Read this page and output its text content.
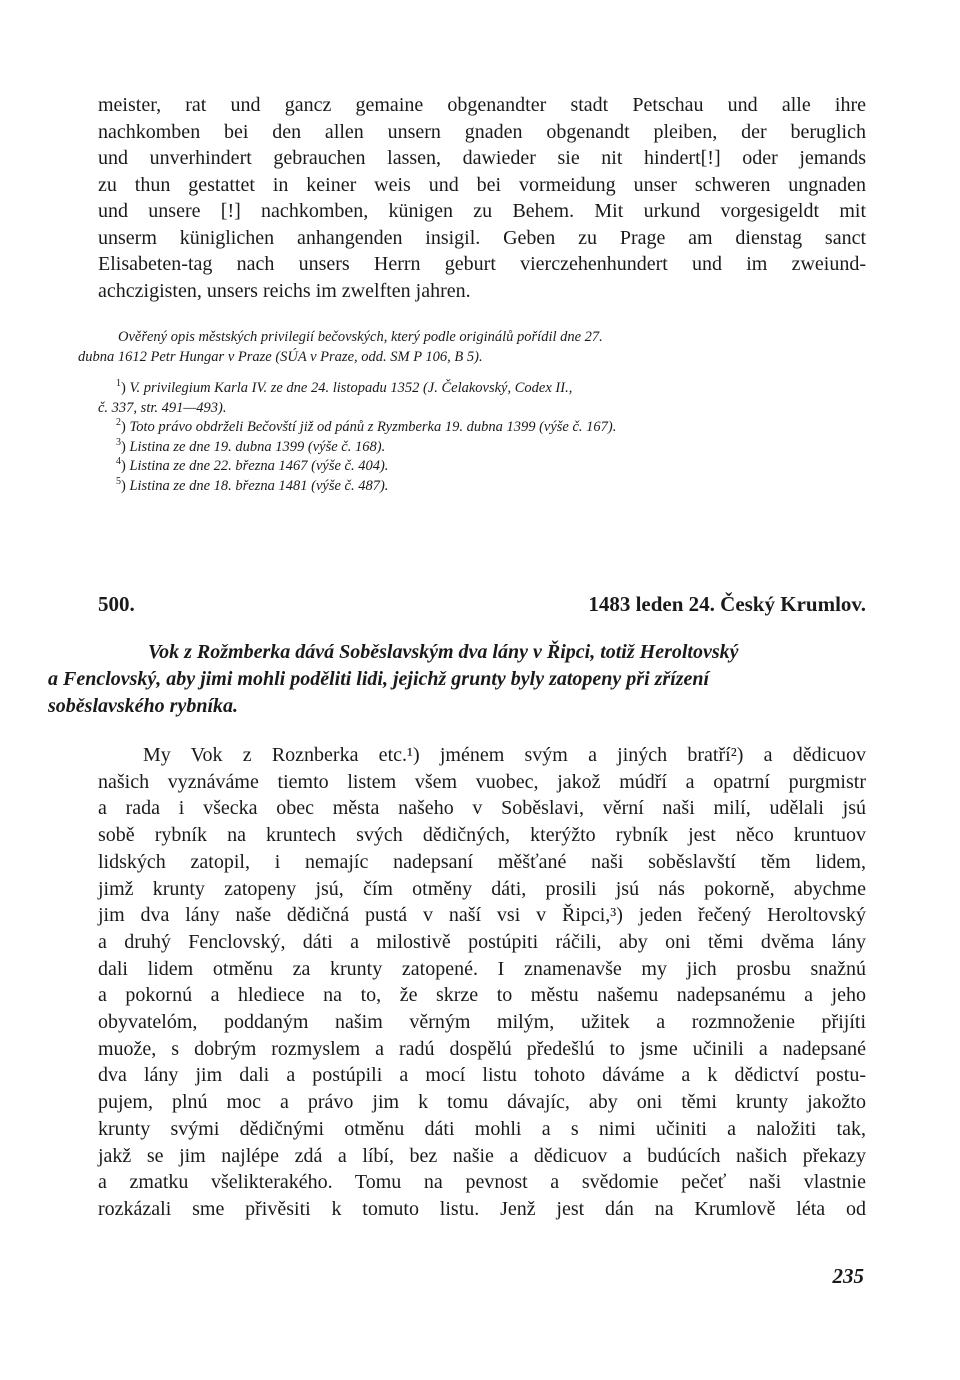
meister, rat und gancz gemaine obgenandter stadt Petschau und alle ihre
nachkomben bei den allen unsern gnaden obgenandt pleiben, der beruglich
und unverhindert gebrauchen lassen, dawieder sie nit hindert[!] oder jemands
zu thun gestattet in keiner weis und bei vormeidung unser schweren ungnaden
und unsere [!] nachkomben, künigen zu Behem. Mit urkund vorgesigeldt mit
unserm küniglichen anhangenden insigil. Geben zu Prage am dienstag sanct
Elisabeten-tag nach unsers Herrn geburt vierczehenhundert und im zweiund-
achczigisten, unsers reichs im zwelften jahren.
Ověřený opis městských privilegií bečovských, který podle originálů pořídil dne 27.
dubna 1612 Petr Hungar v Praze (SÚA v Praze, odd. SM P 106, B 5).
$^1$) V. privilegium Karla IV. ze dne 24. listopadu 1352 (J. Čelakovský, Codex II.,
č. 337, str. 491—493).
$^2$) Toto právo obdrželi Bečovští již od pánů z Ryzmberka 19. dubna 1399 (výše č. 167).
$^3$) Listina ze dne 19. dubna 1399 (výše č. 168).
$^4$) Listina ze dne 22. března 1467 (výše č. 404).
$^5$) Listina ze dne 18. března 1481 (výše č. 487).
500.	1483 leden 24. Český Krumlov.
Vok z Rožmberka dává Soběslavským dva lány v Řipci, totiž Heroltovský
a Fenclovský, aby jimi mohli poděliti lidi, jejichž grunty byly zatopeny při zřízení
soběslavského rybníka.
My Vok z Roznberka etc.¹) jménem svým a jiných bratří²) a dědicuov
našich vyznáváme tiemto listem všem vuobec, jakož múdří a opatrní purgmistr
a rada i všecka obec města našeho v Soběslavi, věrní naši milí, udělali jsú
sobě rybník na kruntech svých dědičných, kterýžto rybník jest něco kruntuov
lidských zatopil, i nemajíc nadepsaní měšťané naši soběslavští těm lidem,
jimž krunty zatopeny jsú, čím otměny dáti, prosili jsú nás pokorně, abychme
jim dva lány naše dědičná pustá v naší vsi v Řipci,³) jeden řečený Heroltovský
a druhý Fenclovský, dáti a milostivě postúpiti ráčili, aby oni těmi dvěma lány
dali lidem otměnu za krunty zatopené. I znamenavše my jich prosbu snažnú
a pokornú a hlediece na to, že skrze to městu našemu nadepsanému a jeho
obyvatelóm, poddaným našim věrným milým, užitek a rozmnoženie přijíti
muože, s dobrým rozmyslem a radú dospělú předešlú to jsme učinili a nadepsané
dva lány jim dali a postúpili a mocí listu tohoto dáváme a k dědictví postu-
pujem, plnú moc a právo jim k tomu dávajíc, aby oni těmi krunty jakožto
krunty svými dědičnými otměnu dáti mohli a s nimi učiniti a naložiti tak,
jakž se jim najlépe zdá a líbí, bez našie a dědicuov a budúcích našich překazy
a zmatku všelikterakého. Tomu na pevnost a svědomie pečeť naši vlastnie
rozkázali sme přivěsiti k tomuto listu. Jenž jest dán na Krumlově léta od
235
